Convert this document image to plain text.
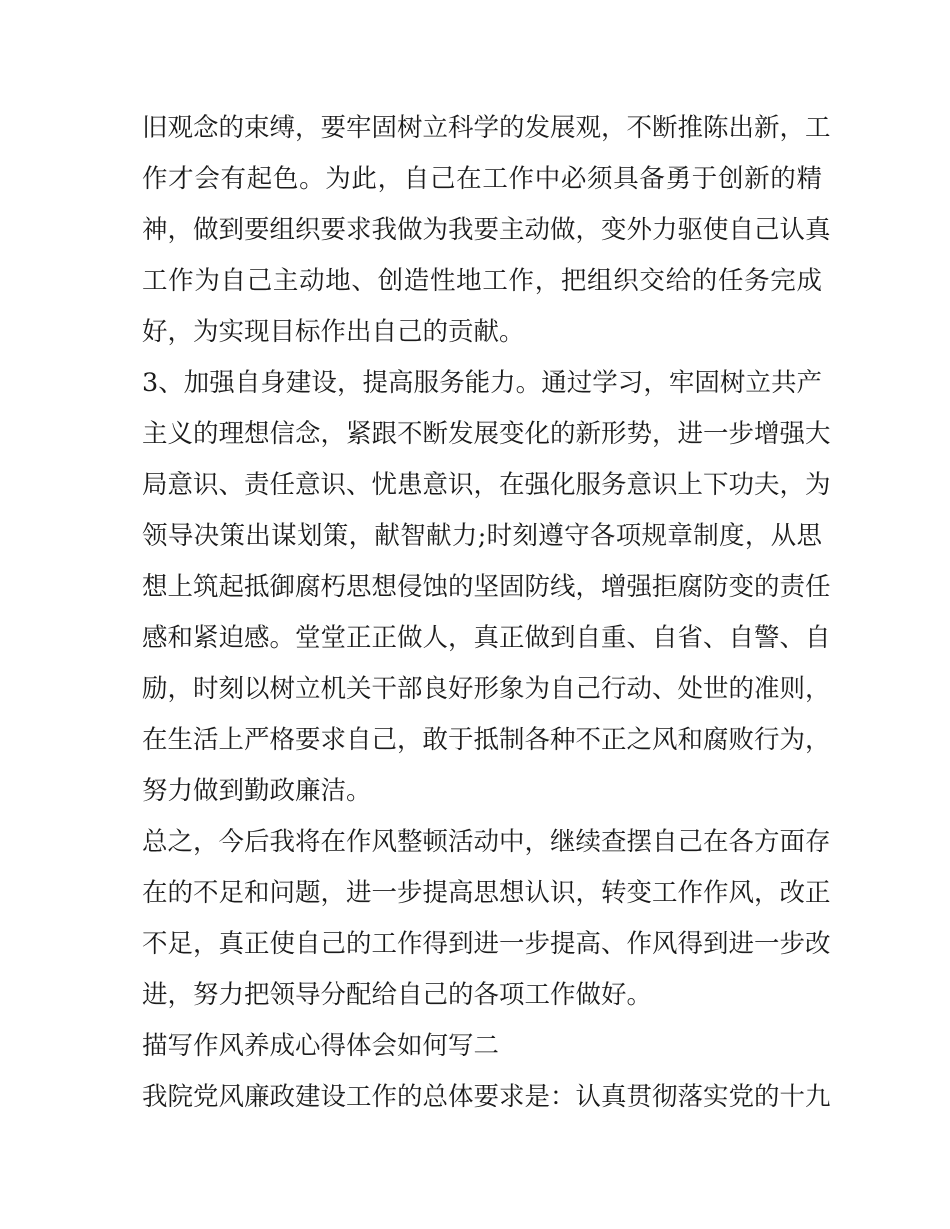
旧观念的束缚，要牢固树立科学的发展观，不断推陈出新，工
作才会有起色。为此，自己在工作中必须具备勇于创新的精
神，做到要组织要求我做为我要主动做，变外力驱使自己认真
工作为自己主动地、创造性地工作，把组织交给的任务完成
好，为实现目标作出自己的贡献。
3、加强自身建设，提高服务能力。通过学习，牢固树立共产
主义的理想信念，紧跟不断发展变化的新形势，进一步增强大
局意识、责任意识、忧患意识，在强化服务意识上下功夫，为
领导决策出谋划策，献智献力;时刻遵守各项规章制度，从思
想上筑起抵御腐朽思想侵蚀的坚固防线，增强拒腐防变的责任
感和紧迫感。堂堂正正做人，真正做到自重、自省、自警、自
励，时刻以树立机关干部良好形象为自己行动、处世的准则，
在生活上严格要求自己，敢于抵制各种不正之风和腐败行为，
努力做到勤政廉洁。
总之，今后我将在作风整顿活动中，继续查摆自己在各方面存
在的不足和问题，进一步提高思想认识，转变工作作风，改正
不足，真正使自己的工作得到进一步提高、作风得到进一步改
进，努力把领导分配给自己的各项工作做好。
描写作风养成心得体会如何写二
我院党风廉政建设工作的总体要求是：认真贯彻落实党的十九
